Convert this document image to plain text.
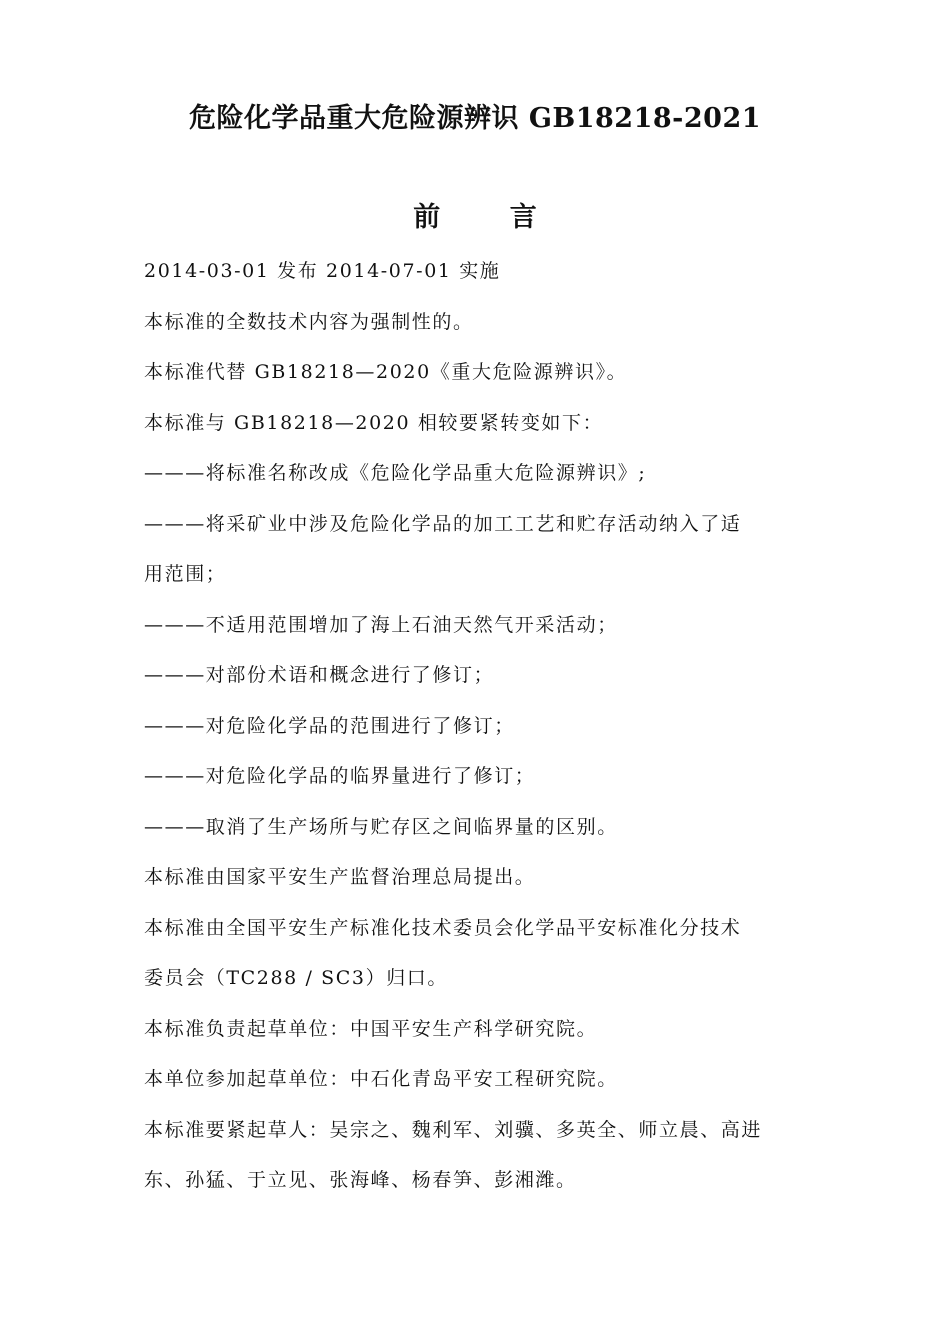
危险化学品重大危险源辨识 GB18218-2021
前 言

2014-03-01 发布 2014-07-01 实施

本标准的全数技术内容为强制性的。

本标准代替 GB18218—2020《重大危险源辨识》。

本标准与 GB18218—2020 相较要紧转变如下：

———将标准名称改成《危险化学品重大危险源辨识》;

———将采矿业中涉及危险化学品的加工工艺和贮存活动纳入了适

用范围；

———不适用范围增加了海上石油天然气开采活动；

———对部份术语和概念进行了修订；

———对危险化学品的范围进行了修订；

———对危险化学品的临界量进行了修订；

———取消了生产场所与贮存区之间临界量的区别。

本标准由国家平安生产监督治理总局提出。

本标准由全国平安生产标准化技术委员会化学品平安标准化分技术

委员会（TC288 / SC3）归口。

本标准负责起草单位：中国平安生产科学研究院。

本单位参加起草单位：中石化青岛平安工程研究院。

本标准要紧起草人：吴宗之、魏利军、刘骥、多英全、师立晨、高进

东、孙猛、于立见、张海峰、杨春笋、彭湘潍。
